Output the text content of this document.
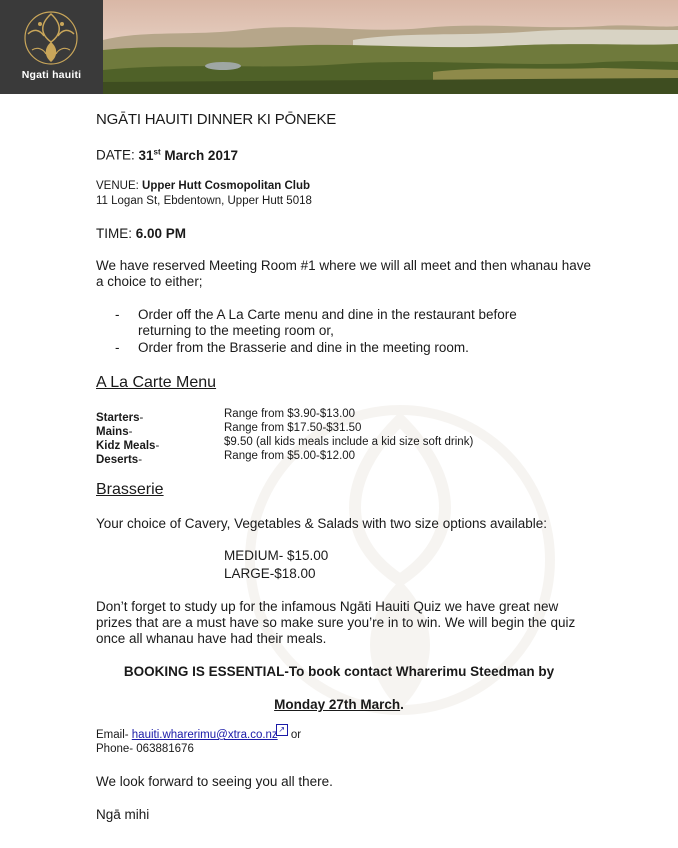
Ngati hauiti
NGĀTI HAUITI DINNER KI PŌNEKE
DATE: 31st March 2017
VENUE: Upper Hutt Cosmopolitan Club
11 Logan St, Ebdentown, Upper Hutt 5018
TIME: 6.00 PM
We have reserved Meeting Room #1 where we will all meet and then whanau have a choice to either;
- Order off the A La Carte menu and dine in the restaurant before
returning to the meeting room or,
- Order from the Brasserie and dine in the meeting room.
A La Carte Menu
Starters-	Range from $3.90-$13.00
Mains-	Range from $17.50-$31.50
Kidz Meals-	$9.50 (all kids meals include a kid size soft drink)
Deserts-	Range from $5.00-$12.00
Brasserie
Your choice of Cavery, Vegetables & Salads with two size options available:
MEDIUM- $15.00
LARGE-$18.00
Don’t forget to study up for the infamous Ngāti Hauiti Quiz we have great new prizes that are a must have so make sure you’re in to win. We will begin the quiz once all whanau have had their meals.
BOOKING IS ESSENTIAL-To book contact Wharerimu Steedman by
Monday 27th March.
Email- hauiti.wharerimu@xtra.co.nz↗ or
Phone- 063881676
We look forward to seeing you all there.
Ngā mihi
